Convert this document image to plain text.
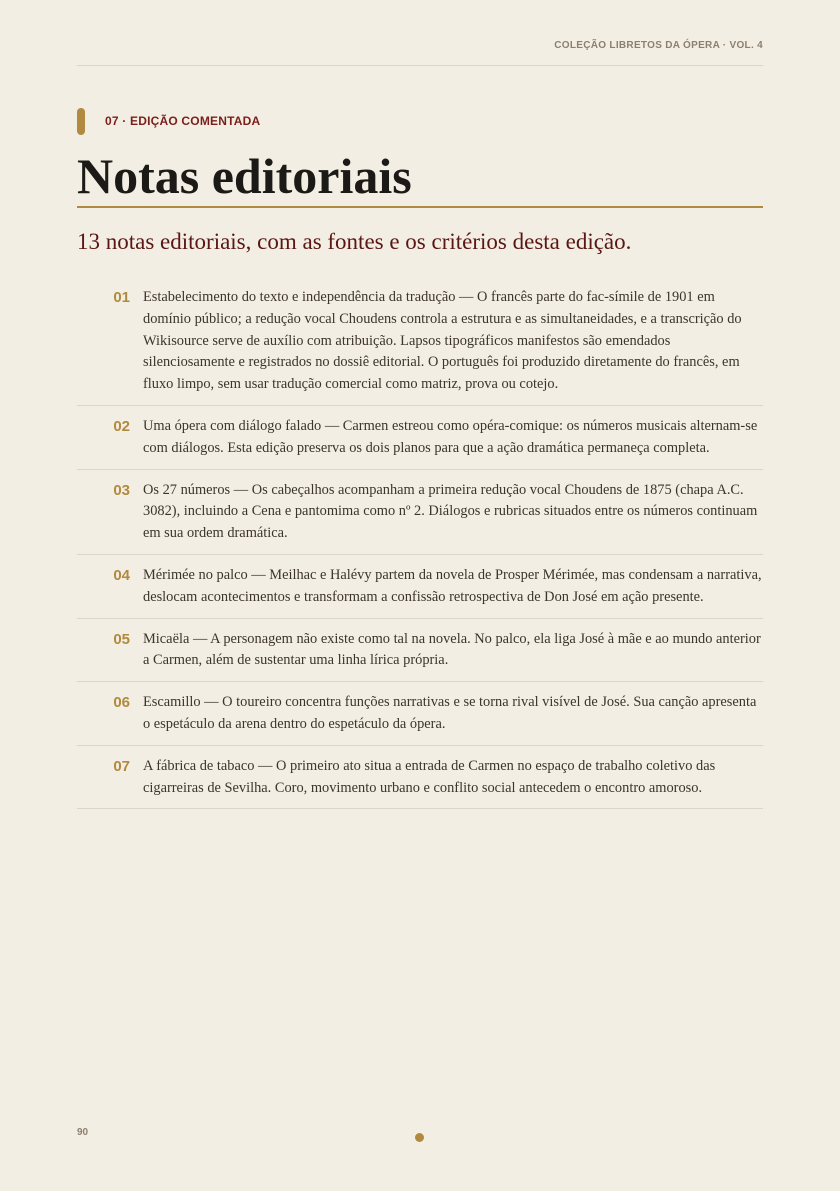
COLEÇÃO LIBRETOS DA ÓPERA · VOL. 4
07 · EDIÇÃO COMENTADA
Notas editoriais

13 notas editoriais, com as fontes e os critérios desta edição.

01 Estabelecimento do texto e independência da tradução — O francês parte do fac-símile de 1901 em domínio público; a redução vocal Choudens controla a estrutura e as simultaneidades, e a transcrição do Wikisource serve de auxílio com atribuição. Lapsos tipográficos manifestos são emendados silenciosamente e registrados no dossiê editorial. O português foi produzido diretamente do francês, em fluxo limpo, sem usar tradução comercial como matriz, prova ou cotejo.
02 Uma ópera com diálogo falado — Carmen estreou como opéra-comique: os números musicais alternam-se com diálogos. Esta edição preserva os dois planos para que a ação dramática permaneça completa.
03 Os 27 números — Os cabeçalhos acompanham a primeira redução vocal Choudens de 1875 (chapa A.C. 3082), incluindo a Cena e pantomima como nº 2. Diálogos e rubricas situados entre os números continuam em sua ordem dramática.
04 Mérimée no palco — Meilhac e Halévy partem da novela de Prosper Mérimée, mas condensam a narrativa, deslocam acontecimentos e transformam a confissão retrospectiva de Don José em ação presente.
05 Micaëla — A personagem não existe como tal na novela. No palco, ela liga José à mãe e ao mundo anterior a Carmen, além de sustentar uma linha lírica própria.
06 Escamillo — O toureiro concentra funções narrativas e se torna rival visível de José. Sua canção apresenta o espetáculo da arena dentro do espetáculo da ópera.
07 A fábrica de tabaco — O primeiro ato situa a entrada de Carmen no espaço de trabalho coletivo das cigarreiras de Sevilha. Coro, movimento urbano e conflito social antecedem o encontro amoroso.
90
